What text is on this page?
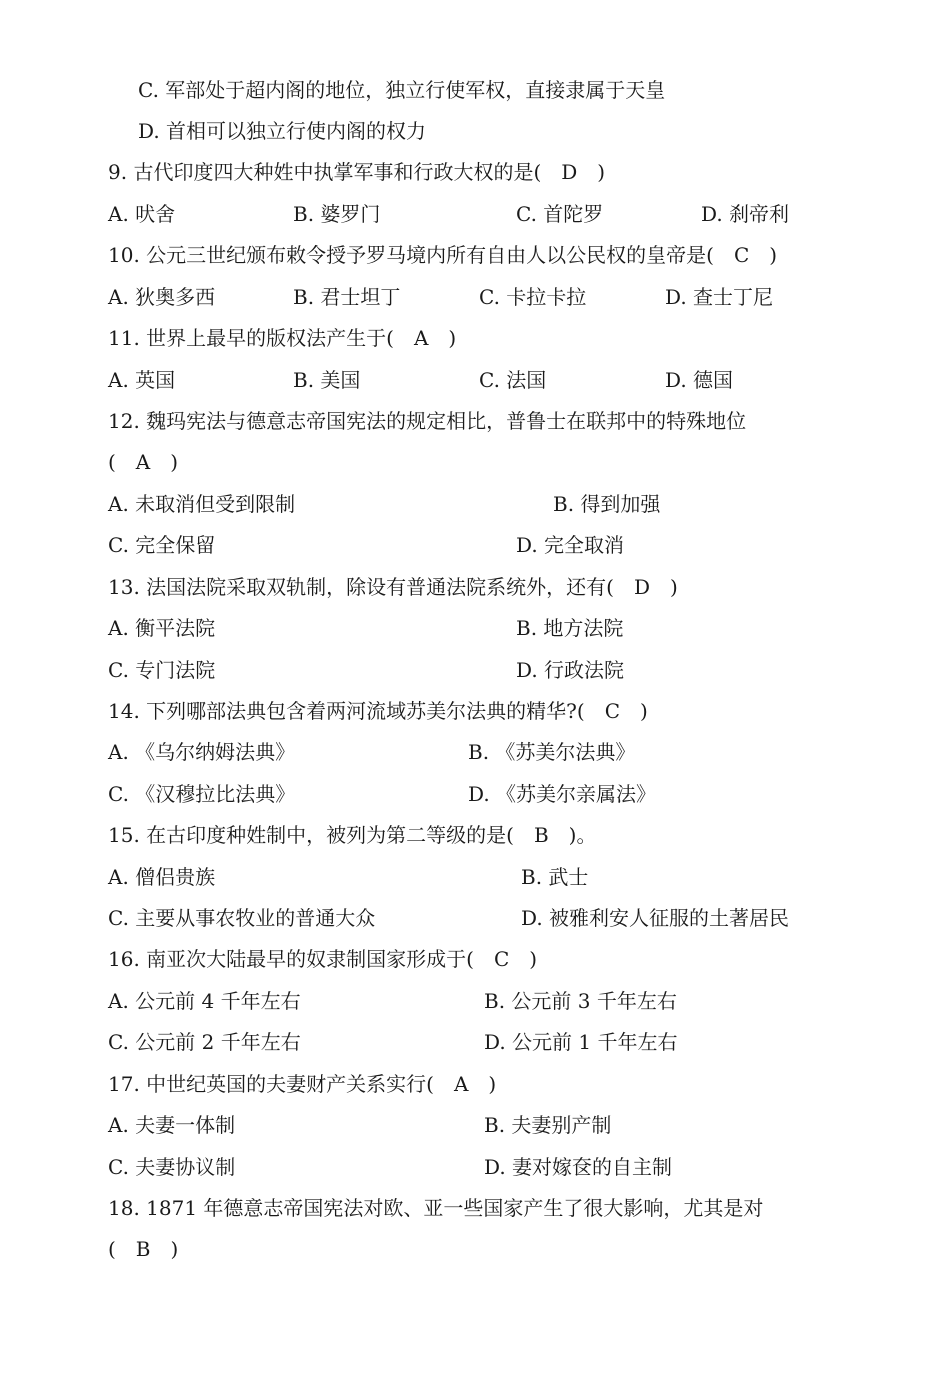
C. 军部处于超内阁的地位，独立行使军权，直接隶属于天皇
D. 首相可以独立行使内阁的权力
9. 古代印度四大种姓中执掌军事和行政大权的是(　D　)
A. 吠舍	B. 婆罗门	C. 首陀罗	D. 刹帝利
10. 公元三世纪颁布敕令授予罗马境内所有自由人以公民权的皇帝是(　C　)
A. 狄奥多西	B. 君士坦丁	C. 卡拉卡拉	D. 查士丁尼
11. 世界上最早的版权法产生于(　A　)
A. 英国	B. 美国	C. 法国	D. 德国
12. 魏玛宪法与德意志帝国宪法的规定相比，普鲁士在联邦中的特殊地位
(　A　)
A. 未取消但受到限制	B. 得到加强
C. 完全保留	D. 完全取消
13. 法国法院采取双轨制，除设有普通法院系统外，还有(　D　)
A. 衡平法院	B. 地方法院
C. 专门法院	D. 行政法院
14. 下列哪部法典包含着两河流域苏美尔法典的精华?(　C　)
A. 《乌尔纳姆法典》	B. 《苏美尔法典》
C. 《汉穆拉比法典》	D. 《苏美尔亲属法》
15. 在古印度种姓制中，被列为第二等级的是(　B　)。
A. 僧侣贵族	B. 武士
C. 主要从事农牧业的普通大众	D. 被雅利安人征服的土著居民
16. 南亚次大陆最早的奴隶制国家形成于(　C　)
A. 公元前 4 千年左右	B. 公元前 3 千年左右
C. 公元前 2 千年左右	D. 公元前 1 千年左右
17. 中世纪英国的夫妻财产关系实行(　A　)
A. 夫妻一体制	B. 夫妻别产制
C. 夫妻协议制	D. 妻对嫁奁的自主制
18. 1871 年德意志帝国宪法对欧、亚一些国家产生了很大影响，尤其是对
(　B　)
